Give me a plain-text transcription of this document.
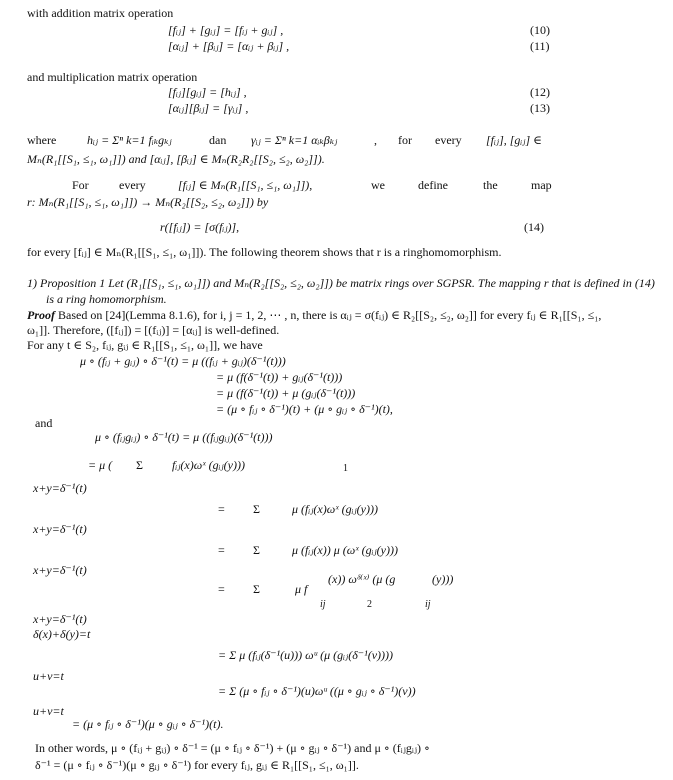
with addition matrix operation
[fᵢⱼ] + [gᵢⱼ] = [fᵢⱼ + gᵢⱼ] ,	(10)
[αᵢⱼ] + [βᵢⱼ] = [αᵢⱼ + βᵢⱼ] ,	(11)
and multiplication matrix operation
[fᵢⱼ][gᵢⱼ] = [hᵢⱼ] ,	(12)
[αᵢⱼ][βᵢⱼ] = [γᵢⱼ] ,	(13)
where	hᵢⱼ = Σⁿ k=1 fᵢₖgₖⱼ	dan γᵢⱼ = Σⁿ k=1 αᵢₖβₖⱼ	, for every [fᵢⱼ], [gᵢⱼ] ∈
Mₙ(R₁[[S₁, ≤₁, ω₁]]) and [αᵢⱼ], [βᵢⱼ] ∈ Mₙ(R₂R₂[[S₂, ≤₂, ω₂]]).
For	every	[fᵢⱼ] ∈ Mₙ(R₁[[S₁, ≤₁, ω₁]]),	we	define	the	map
r: Mₙ(R₁[[S₁, ≤₁, ω₁]]) → Mₙ(R₂[[S₂, ≤₂, ω₂]]) by
r([fᵢⱼ]) = [σ(fᵢⱼ)],	(14)
for every [fᵢⱼ] ∈ Mₙ(R₁[[S₁, ≤₁, ω₁]]). The following theorem shows that r is a ringhomomorphism.
1) Proposition 1 Let (R₁[[S₁, ≤₁, ω₁]]) and Mₙ(R₂[[S₂, ≤₂, ω₂]]) be matrix rings over SGPSR. The mapping r that is defined in (14)
is a ring homomorphism.
Proof Based on [24](Lemma 8.1.6), for i, j = 1, 2, ⋯ , n, there is αᵢⱼ = σ(fᵢⱼ) ∈ R₂[[S₂, ≤₂, ω₂]] for every fᵢⱼ ∈ R₁[[S₁, ≤₁,
ω₁]]. Therefore, ([fᵢⱼ]) = [(fᵢⱼ)] = [αᵢⱼ] is well-defined.
For any t ∈ S₂, fᵢⱼ, gᵢⱼ ∈ R₁[[S₁, ≤₁, ω₁]], we have
μ ∘ (fᵢⱼ + gᵢⱼ) ∘ δ⁻¹(t) = μ ((fᵢⱼ + gᵢⱼ)(δ⁻¹(t)))
= μ (f(δ⁻¹(t)) + gᵢⱼ(δ⁻¹(t)))
= μ (f(δ⁻¹(t)) + μ (gᵢⱼ(δ⁻¹(t)))
= (μ ∘ fᵢⱼ ∘ δ⁻¹)(t) + (μ ∘ gᵢⱼ ∘ δ⁻¹)(t),
and
μ ∘ (fᵢⱼgᵢⱼ) ∘ δ⁻¹(t) = μ ((fᵢⱼgᵢⱼ)(δ⁻¹(t)))
= μ ( Σ fᵢⱼ(x)ωˣ (gᵢⱼ(y)))	1
x+y=δ⁻¹(t)
= Σ	μ (fᵢⱼ(x)ωˣ (gᵢⱼ(y)))
x+y=δ⁻¹(t)
= Σ	μ (fᵢⱼ(x)) μ (ωˣ (gᵢⱼ(y)))
x+y=δ⁻¹(t)
(x)) ωᵟ⁽ˣ⁾ (μ (g	(y)))
= Σ	μ f
ij	2	ij
x+y=δ⁻¹(t)
δ(x)+δ(y)=t
= Σ μ (fᵢⱼ(δ⁻¹(u))) ωᵘ (μ (gᵢⱼ(δ⁻¹(v))))
u+v=t
= Σ (μ ∘ fᵢⱼ ∘ δ⁻¹)(u)ωᵘ ((μ ∘ gᵢⱼ ∘ δ⁻¹)(v))
u+v=t
= (μ ∘ fᵢⱼ ∘ δ⁻¹)(μ ∘ gᵢⱼ ∘ δ⁻¹)(t).
In other words, μ ∘ (fᵢⱼ + gᵢⱼ) ∘ δ⁻¹ = (μ ∘ fᵢⱼ ∘ δ⁻¹) + (μ ∘ gᵢⱼ ∘ δ⁻¹) and μ ∘ (fᵢⱼgᵢⱼ) ∘
δ⁻¹ = (μ ∘ fᵢⱼ ∘ δ⁻¹)(μ ∘ gᵢⱼ ∘ δ⁻¹) for every fᵢⱼ, gᵢⱼ ∈ R₁[[S₁, ≤₁, ω₁]].
